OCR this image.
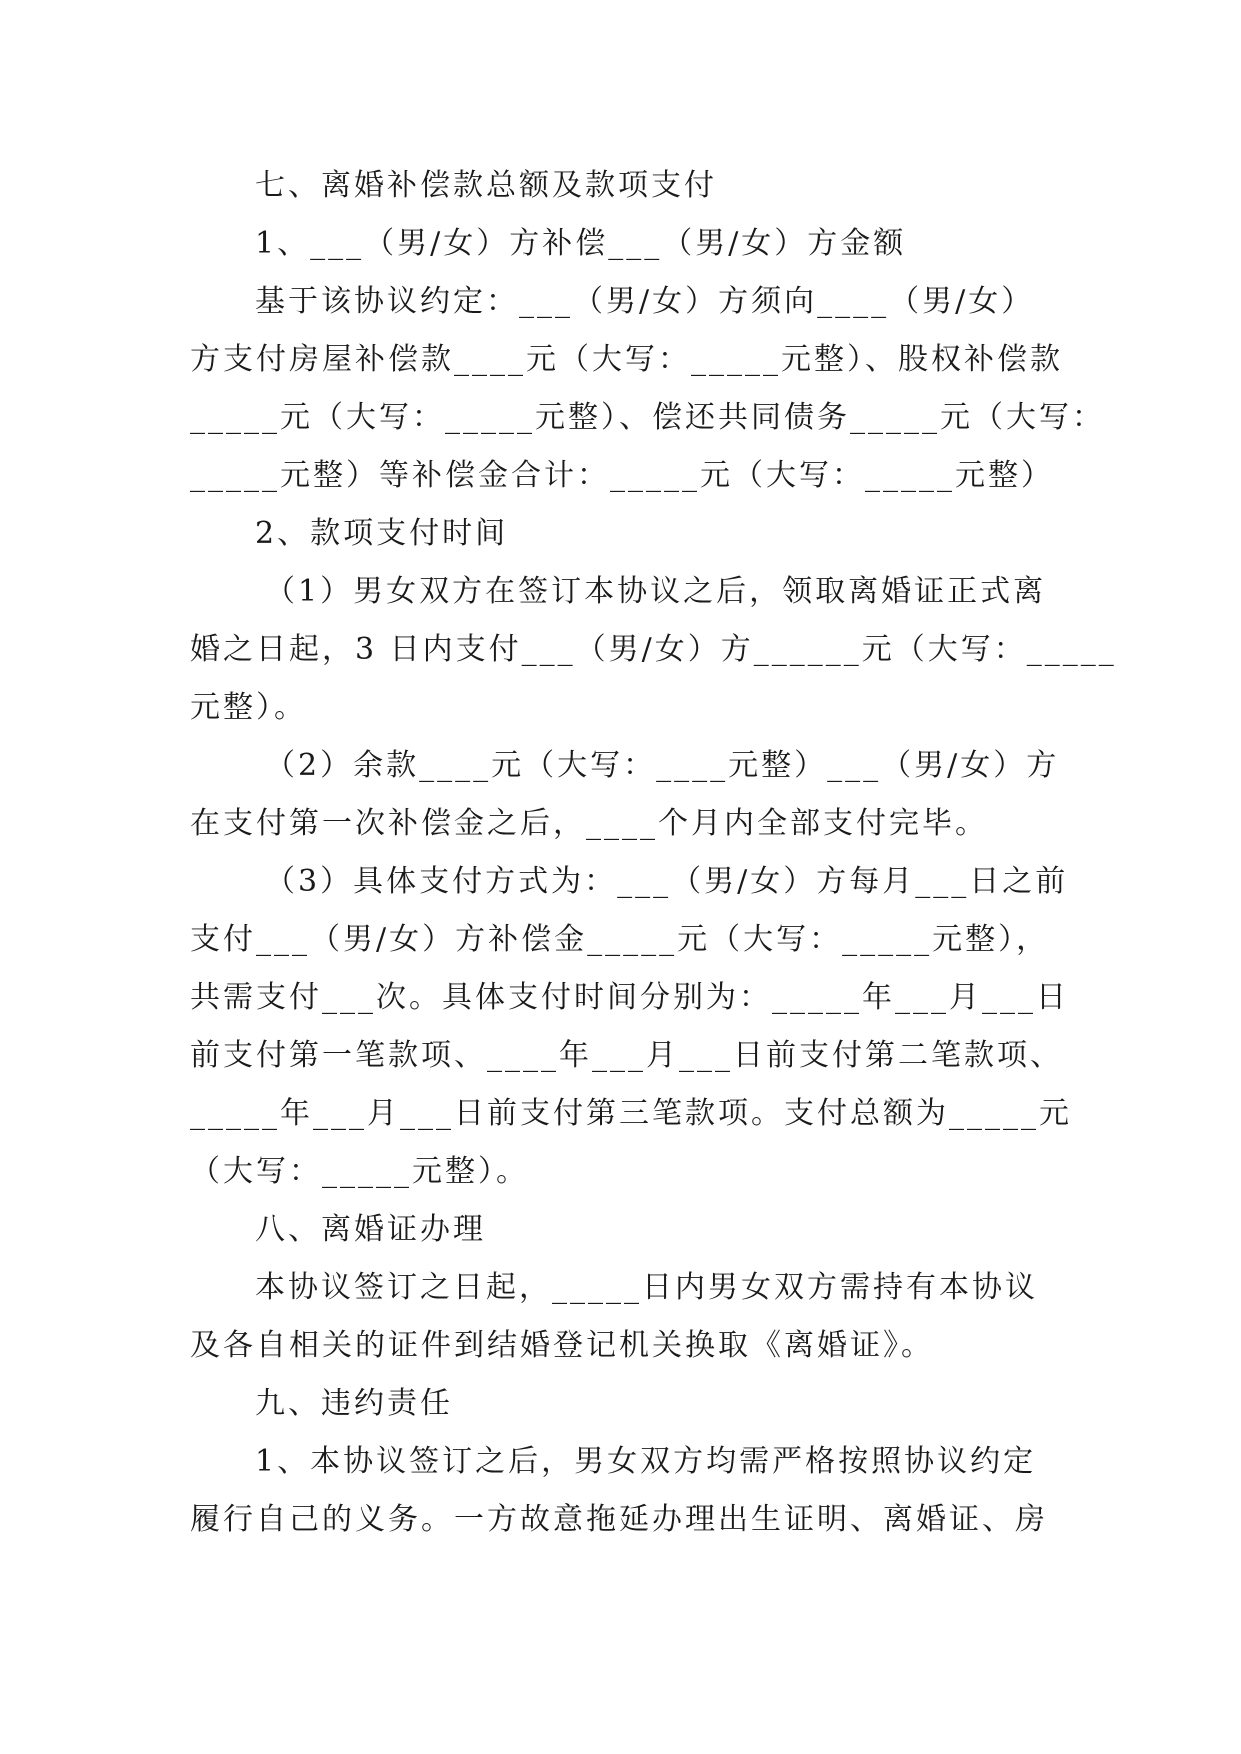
七、离婚补偿款总额及款项支付
1、___（男/女）方补偿___（男/女）方金额
基于该协议约定：___（男/女）方须向____（男/女）
方支付房屋补偿款____元（大写：_____元整）、股权补偿款
_____元（大写：_____元整）、偿还共同债务_____元（大写：
_____元整）等补偿金合计：_____元（大写：_____元整）
2、款项支付时间
（1）男女双方在签订本协议之后，领取离婚证正式离
婚之日起，3 日内支付___（男/女）方______元（大写：_____
元整）。
（2）余款____元（大写：____元整）___（男/女）方
在支付第一次补偿金之后，____个月内全部支付完毕。
（3）具体支付方式为：___（男/女）方每月___日之前
支付___（男/女）方补偿金_____元（大写：_____元整），
共需支付___次。具体支付时间分别为：_____年___月___日
前支付第一笔款项、____年___月___日前支付第二笔款项、
_____年___月___日前支付第三笔款项。支付总额为_____元
（大写：_____元整）。
八、离婚证办理
本协议签订之日起，_____日内男女双方需持有本协议
及各自相关的证件到结婚登记机关换取《离婚证》。
九、违约责任
1、本协议签订之后，男女双方均需严格按照协议约定
履行自己的义务。一方故意拖延办理出生证明、离婚证、房
